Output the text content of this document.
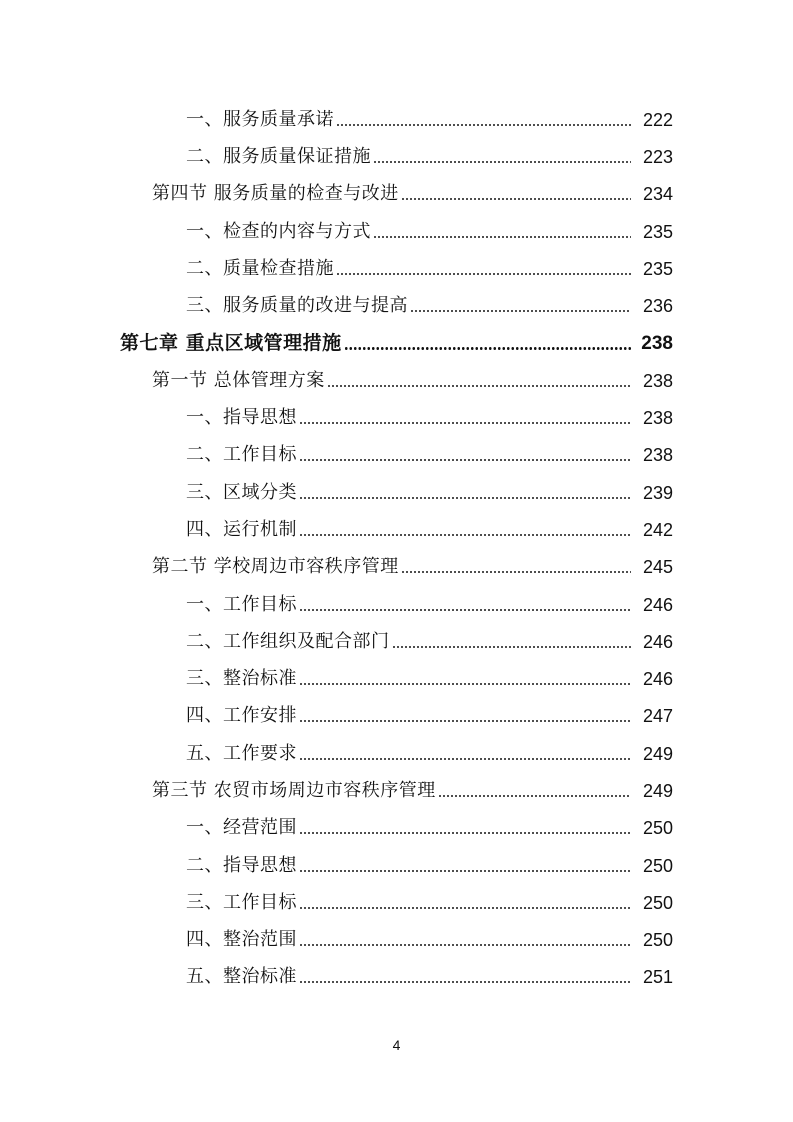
一、服务质量承诺	222
二、服务质量保证措施	223
第四节 服务质量的检查与改进	234
一、检查的内容与方式	235
二、质量检查措施	235
三、服务质量的改进与提高	236
第七章 重点区域管理措施	238
第一节 总体管理方案	238
一、指导思想	238
二、工作目标	238
三、区域分类	239
四、运行机制	242
第二节 学校周边市容秩序管理	245
一、工作目标	246
二、工作组织及配合部门	246
三、整治标准	246
四、工作安排	247
五、工作要求	249
第三节 农贸市场周边市容秩序管理	249
一、经营范围	250
二、指导思想	250
三、工作目标	250
四、整治范围	250
五、整治标准	251
4
